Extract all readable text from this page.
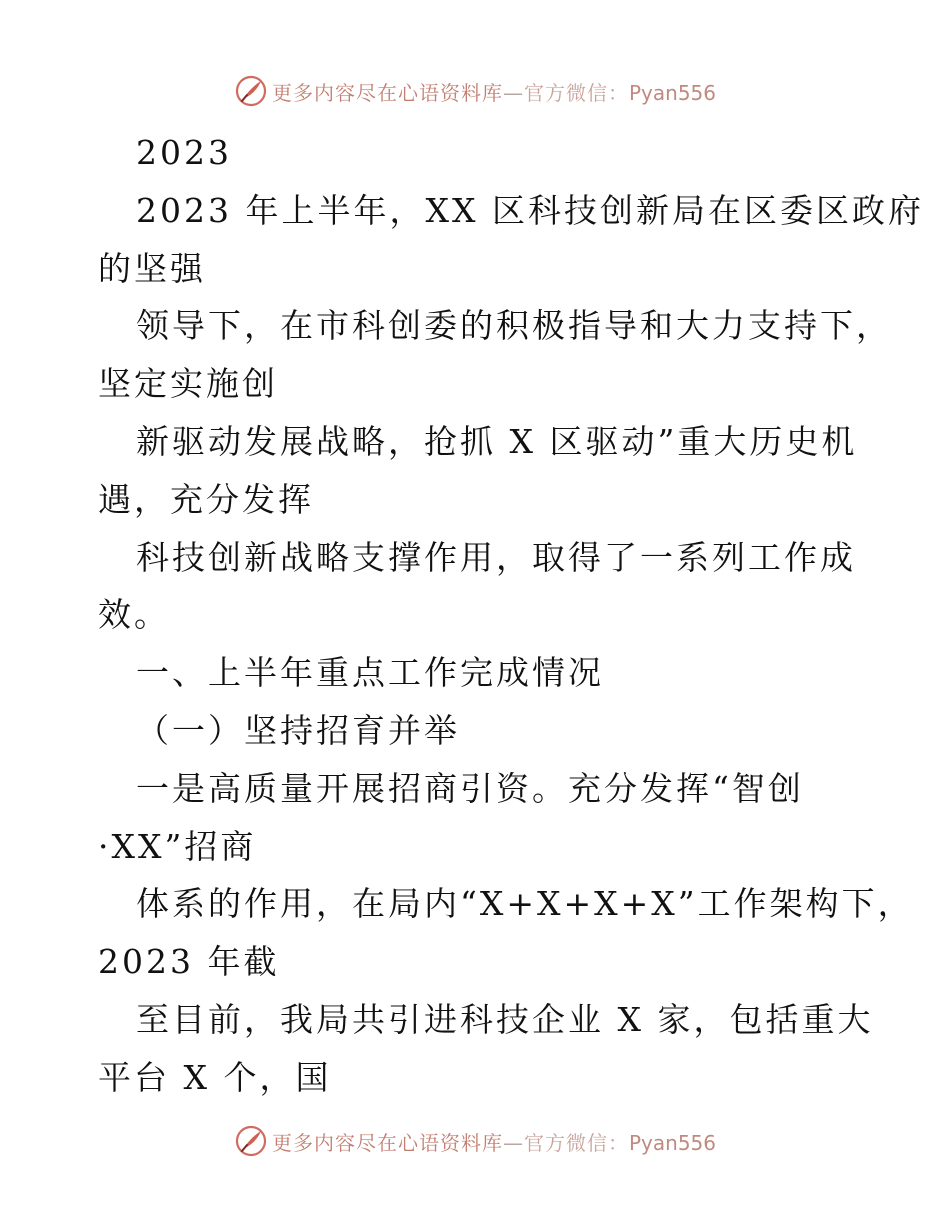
更多内容尽在心语资料库—官方微信：Pyan556
2023
2023 年上半年，XX 区科技创新局在区委区政府
的坚强
领导下，在市科创委的积极指导和大力支持下，
坚定实施创
新驱动发展战略，抢抓 X 区驱动”重大历史机
遇，充分发挥
科技创新战略支撑作用，取得了一系列工作成
效。
一、上半年重点工作完成情况
（一）坚持招育并举
一是高质量开展招商引资。充分发挥“智创
·XX”招商
体系的作用，在局内“X+X+X+X”工作架构下，
2023 年截
至目前，我局共引进科技企业 X 家，包括重大
平台 X 个，国
更多内容尽在心语资料库—官方微信：Pyan556
